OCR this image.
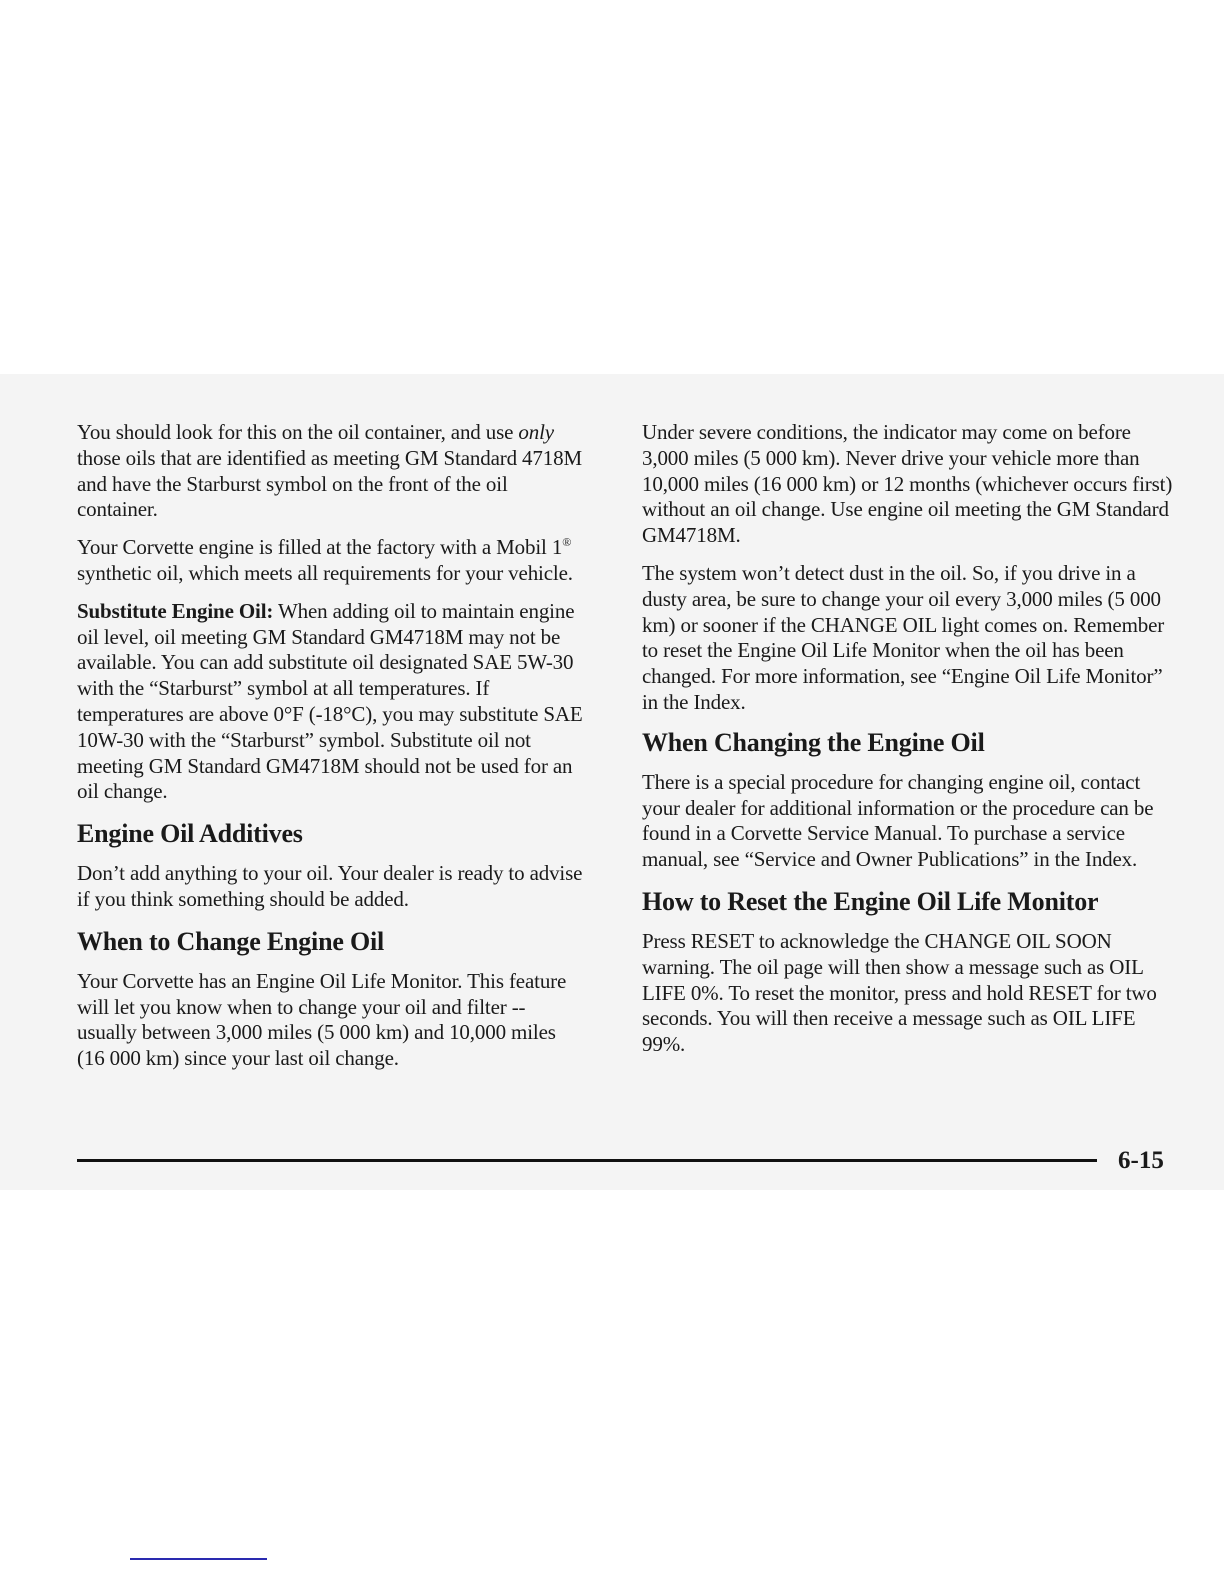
You should look for this on the oil container, and use only those oils that are identified as meeting GM Standard 4718M and have the Starburst symbol on the front of the oil container.

Your Corvette engine is filled at the factory with a Mobil 1® synthetic oil, which meets all requirements for your vehicle.

Substitute Engine Oil: When adding oil to maintain engine oil level, oil meeting GM Standard GM4718M may not be available. You can add substitute oil designated SAE 5W-30 with the “Starburst” symbol at all temperatures. If temperatures are above 0°F (-18°C), you may substitute SAE 10W-30 with the “Starburst” symbol. Substitute oil not meeting GM Standard GM4718M should not be used for an oil change.

Engine Oil Additives

Don’t add anything to your oil. Your dealer is ready to advise if you think something should be added.

When to Change Engine Oil

Your Corvette has an Engine Oil Life Monitor. This feature will let you know when to change your oil and filter -- usually between 3,000 miles (5 000 km) and 10,000 miles (16 000 km) since your last oil change.

Under severe conditions, the indicator may come on before 3,000 miles (5 000 km). Never drive your vehicle more than 10,000 miles (16 000 km) or 12 months (whichever occurs first) without an oil change. Use engine oil meeting the GM Standard GM4718M.

The system won’t detect dust in the oil. So, if you drive in a dusty area, be sure to change your oil every 3,000 miles (5 000 km) or sooner if the CHANGE OIL light comes on. Remember to reset the Engine Oil Life Monitor when the oil has been changed. For more information, see “Engine Oil Life Monitor” in the Index.

When Changing the Engine Oil

There is a special procedure for changing engine oil, contact your dealer for additional information or the procedure can be found in a Corvette Service Manual. To purchase a service manual, see “Service and Owner Publications” in the Index.

How to Reset the Engine Oil Life Monitor

Press RESET to acknowledge the CHANGE OIL SOON warning. The oil page will then show a message such as OIL LIFE 0%. To reset the monitor, press and hold RESET for two seconds. You will then receive a message such as OIL LIFE 99%.

6-15
